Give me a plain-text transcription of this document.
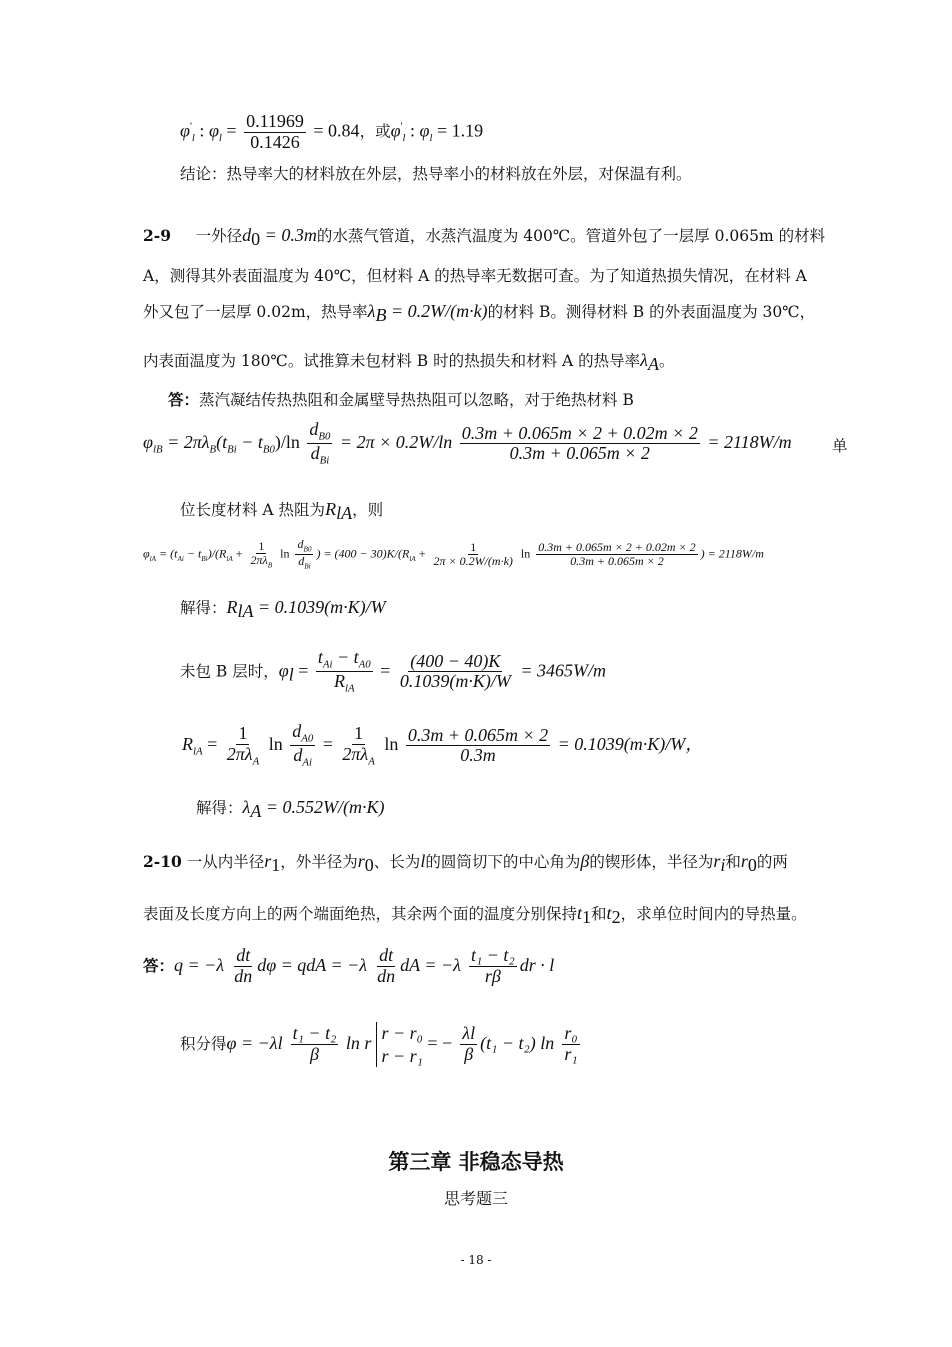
$\varphi'_l$ : $\varphi_l = \frac{0.11969}{0.1426} = 0.84$，或$\varphi'_l$ : $\varphi_l = 1.19$
结论：热导率大的材料放在外层，热导率小的材料放在外层，对保温有利。
2-9 一外径$d_0 = 0.3m$的水蒸气管道，水蒸汽温度为 400℃。管道外包了一层厚 0.065m 的材料
A，测得其外表面温度为 40℃，但材料 A 的热导率无数据可查。为了知道热损失情况，在材料 A
外又包了一层厚 0.02m，热导率$\lambda_B = 0.2W/(m\cdot k)$的材料 B。测得材料 B 的外表面温度为 30℃，
内表面温度为 180℃。试推算未包材料 B 时的热损失和材料 A 的热导率$\lambda_A$。
答：蒸汽凝结传热热阻和金属壁导热热阻可以忽略，对于绝热材料 B
$\varphi_{lB} = 2\pi\lambda_B(t_{Bi} - t_{B0})/\ln \frac{d_{B0}}{d_{Bi}} = 2\pi \times 0.2W/\ln \frac{0.3m + 0.065m \times 2 + 0.02m \times 2}{0.3m + 0.065m \times 2} = 2118W/m$	单
位长度材料 A 热阻为$R_{lA}$，则
$\varphi_{lA} = (t_{Ai} - t_{Bi})/(R_{lA} + \frac{1}{2\pi\lambda_B}$ $\ln \frac{d_{B0}}{d_{Bi}}$ ) = $(400 - 30)K/(R_{lA} + \frac{1}{2\pi \times 0.2W/(m\cdot k)}$ $\ln \frac{0.3m + 0.065m \times 2 + 0.02m \times 2}{0.3m + 0.065m \times 2}$ ) = 2118W/m
解得：$R_{lA} = 0.1039(m\cdot K)/W$
未包 B 层时，$\varphi_l = \frac{t_{Ai} - t_{A0}}{R_{lA}} = \frac{(400 - 40)K}{0.1039(m\cdot K)/W} = 3465W/m$
$R_{lA} = \frac{1}{2\pi\lambda_A}$ $\ln \frac{d_{A0}}{d_{Ai}} = \frac{1}{2\pi\lambda_A}$ $\ln \frac{0.3m + 0.065m \times 2}{0.3m} = 0.1039(m\cdot K)/W$，
解得：$\lambda_A = 0.552W/(m\cdot K)$
2-10 一从内半径$r_1$，外半径为$r_0$、长为l的圆筒切下的中心角为β的锲形体，半径为$r_i$和$r_0$的两
表面及长度方向上的两个端面绝热，其余两个面的温度分别保持$t_1$和$t_2$，求单位时间内的导热量。
答：$q = -\lambda \frac{dt}{dn}$ dφ = qdA = $-\lambda \frac{dt}{dn}$ dA = $-\lambda \frac{\text{t₁ − t₂}}{r\beta}$ dr · l
积分得$\varphi = -\lambda l \frac{\text{t₁ − t₂}}{\beta}$ ln r r − r₀
r − r₁
= − $\frac{\lambda l}{\beta} (t_1 - t_2)$ $\ln \frac{\text{r₀}}{\text{r₁}}$
第三章 非稳态导热
思考题三
- 18 -
